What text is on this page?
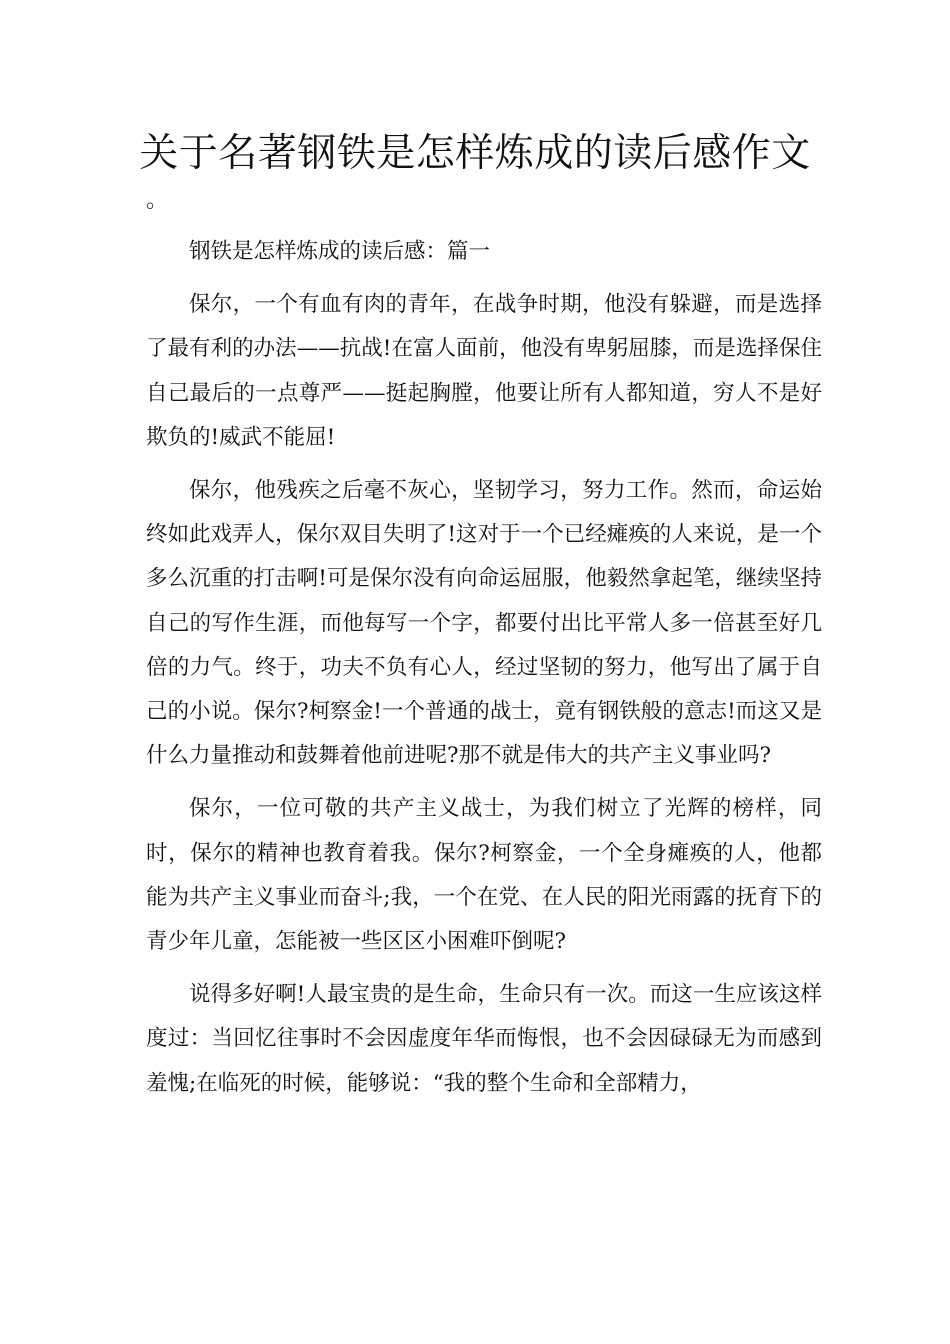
关于名著钢铁是怎样炼成的读后感作文
。

钢铁是怎样炼成的读后感：篇一

保尔，一个有血有肉的青年，在战争时期，他没有躲避，而是选择了最有利的办法——抗战!在富人面前，他没有卑躬屈膝，而是选择保住自己最后的一点尊严——挺起胸膛，他要让所有人都知道，穷人不是好欺负的!威武不能屈!

保尔，他残疾之后毫不灰心，坚韧学习，努力工作。然而，命运始终如此戏弄人，保尔双目失明了!这对于一个已经瘫痪的人来说，是一个多么沉重的打击啊!可是保尔没有向命运屈服，他毅然拿起笔，继续坚持自己的写作生涯，而他每写一个字，都要付出比平常人多一倍甚至好几倍的力气。终于，功夫不负有心人，经过坚韧的努力，他写出了属于自己的小说。保尔?柯察金!一个普通的战士，竟有钢铁般的意志!而这又是什么力量推动和鼓舞着他前进呢?那不就是伟大的共产主义事业吗?

保尔，一位可敬的共产主义战士，为我们树立了光辉的榜样，同时，保尔的精神也教育着我。保尔?柯察金，一个全身瘫痪的人，他都能为共产主义事业而奋斗;我，一个在党、在人民的阳光雨露的抚育下的青少年儿童，怎能被一些区区小困难吓倒呢?

说得多好啊!人最宝贵的是生命，生命只有一次。而这一生应该这样度过：当回忆往事时不会因虚度年华而悔恨，也不会因碌碌无为而感到羞愧;在临死的时候，能够说：“我的整个生命和全部精力，
